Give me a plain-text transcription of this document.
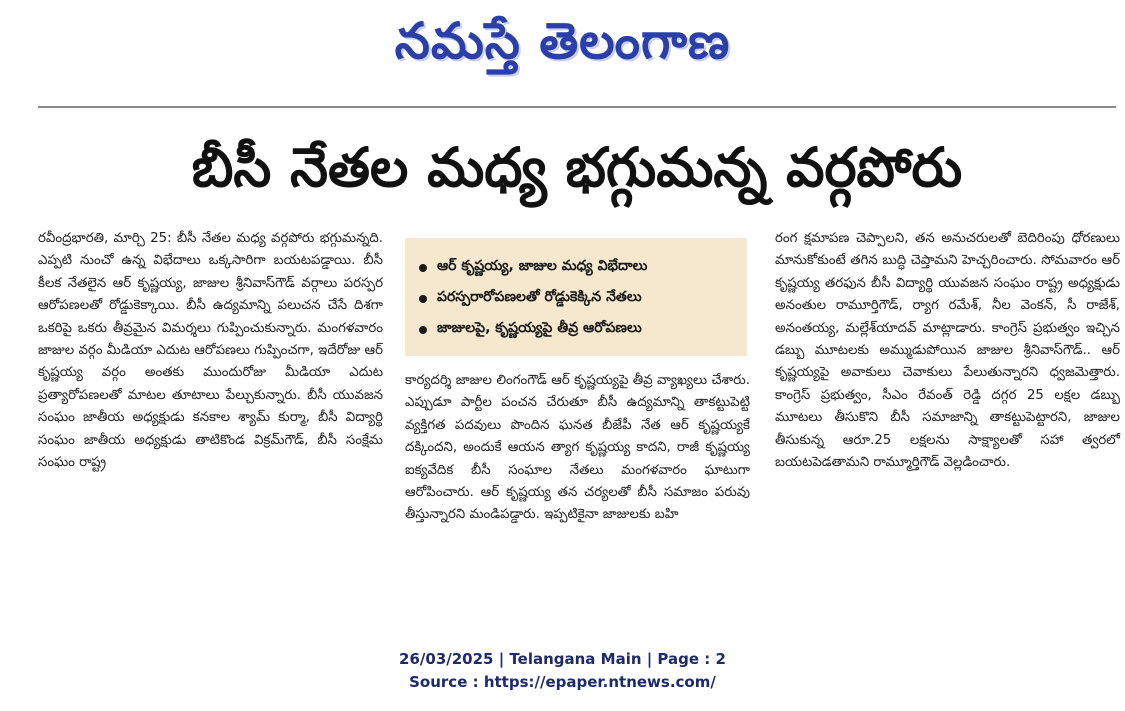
నమస్తే తెలంగాణ
బీసీ నేతల మధ్య భగ్గుమన్న వర్గపోరు

రవీంద్రభారతి, మార్చి 25: బీసీ నేతల మధ్య వర్గపోరు భగ్గుమన్నది. ఎప్పటి నుంచో ఉన్న విభేదాలు ఒక్కసారిగా బయటపడ్డాయి. బీసీ కీలక నేతలైన ఆర్ కృష్ణయ్య, జాజుల శ్రీనివాస్‌గౌడ్ వర్గాలు పరస్పర ఆరోపణలతో రోడ్డుకెక్కాయి. బీసీ ఉద్యమాన్ని పలుచన చేసే దిశగా ఒకరిపై ఒకరు తీవ్రమైన విమర్శలు గుప్పించుకున్నారు. మంగళవారం జాజుల వర్గం మీడియా ఎదుట ఆరోపణలు గుప్పించగా, ఇదేరోజు ఆర్ కృష్ణయ్య వర్గం అంతకు ముందురోజు మీడియా ఎదుట ప్రత్యారోపణలతో మాటల తూటాలు పేల్చుకున్నారు. బీసీ యువజన సంఘం జాతీయ అధ్యక్షుడు కనకాల శ్యామ్ కుర్మా, బీసీ విద్యార్థి సంఘం జాతీయ అధ్యక్షుడు తాటికొండ విక్రమ్‌గౌడ్, బీసీ సంక్షేమ సంఘం రాష్ట్ర

ఆర్ కృష్ణయ్య, జాజుల మధ్య విభేదాలు
పరస్పరారోపణలతో రోడ్డుకెక్కిన నేతలు
జాజులపై, కృష్ణయ్యపై తీవ్ర ఆరోపణలు

కార్యదర్శి జాజుల లింగంగౌడ్ ఆర్ కృష్ణయ్యపై తీవ్ర వ్యాఖ్యలు చేశారు. ఎప్పుడూ పార్టీల పంచన చేరుతూ బీసీ ఉద్యమాన్ని తాకట్టుపెట్టి వ్యక్తిగత పదవులు పొందిన ఘనత బీజేపీ నేత ఆర్ కృష్ణయ్యకే దక్కిందని, అందుకే ఆయన త్యాగ కృష్ణయ్య కాదని, రాజీ కృష్ణయ్య ఐక్యవేదిక బీసీ సంఘాల నేతలు మంగళవారం ఘాటుగా ఆరోపించారు. ఆర్ కృష్ణయ్య తన చర్యలతో బీసీ సమాజం పరువు తీస్తున్నారని మండిపడ్డారు. ఇప్పటికైనా జాజులకు బహి

రంగ క్షమాపణ చెప్పాలని, తన అనుచరులతో బెదిరింపు ధోరణులు మానుకోకుంటే తగిన బుద్ధి చెప్తామని హెచ్చరించారు. సోమవారం ఆర్ కృష్ణయ్య తరఫున బీసీ విద్యార్థి యువజన సంఘం రాష్ట్ర అధ్యక్షుడు అనంతుల రామూర్తిగౌడ్, ర్యాగ రమేశ్, నీల వెంకన్, సీ రాజేశ్, అనంతయ్య, మల్లేశ్‌యాదవ్ మాట్లాడారు. కాంగ్రెస్ ప్రభుత్వం ఇచ్చిన డబ్బు మూటలకు అమ్ముడుపోయిన జాజుల శ్రీనివాస్‌గౌడ్.. ఆర్ కృష్ణయ్యపై అవాకులు చెవాకులు పేలుతున్నారని ధ్వజమెత్తారు. కాంగ్రెస్ ప్రభుత్వం, సీఎం రేవంత్ రెడ్డి దగ్గర 25 లక్షల డబ్బు మూటలు తీసుకొని బీసీ సమాజాన్ని తాకట్టుపెట్టారని, జాజుల తీసుకున్న ఆరూ.25 లక్షలను సాక్ష్యాలతో సహా త్వరలో బయటపెడతామని రామ్మూర్తిగౌడ్ వెల్లడించారు.

26/03/2025 | Telangana Main | Page : 2
Source : https://epaper.ntnews.com/
